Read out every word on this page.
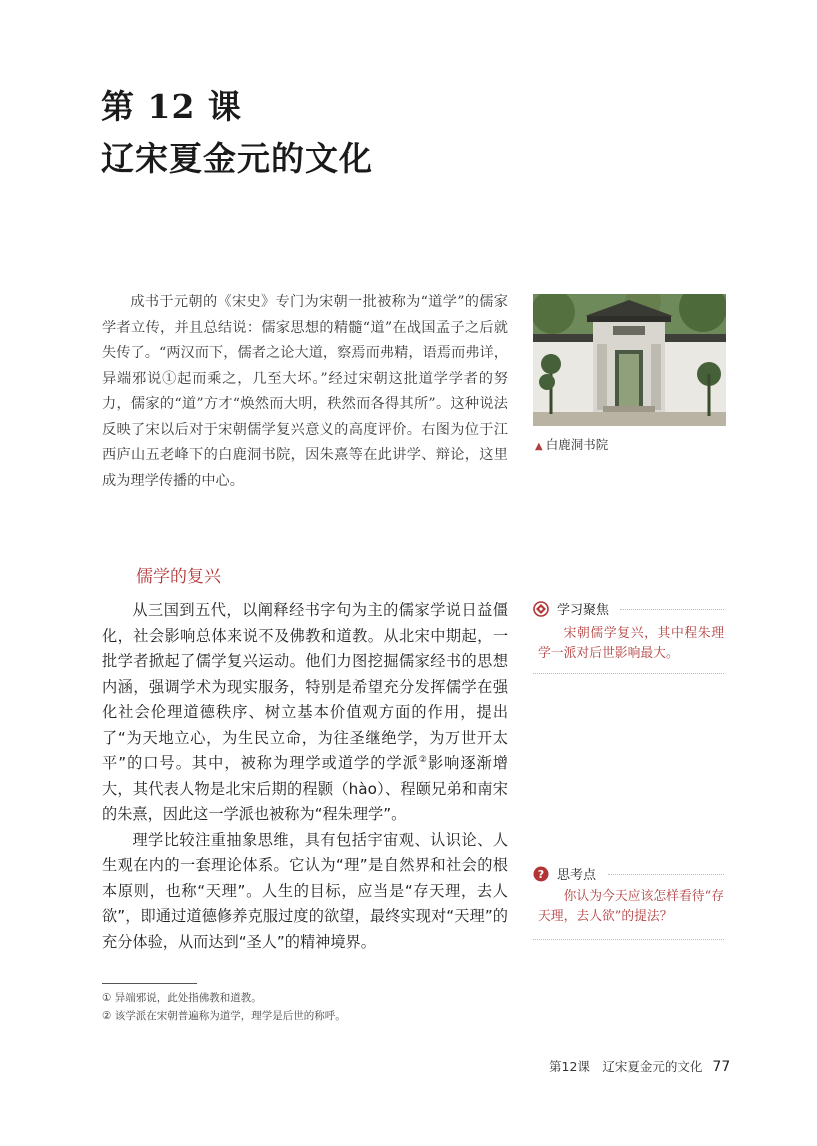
第 12 课
辽宋夏金元的文化

成书于元朝的《宋史》专门为宋朝一批被称为“道学”的儒家学者立传，并且总结说：儒家思想的精髓“道”在战国孟子之后就失传了。“两汉而下，儒者之论大道，察焉而弗精，语焉而弗详，异端邪说①起而乘之，几至大坏。”经过宋朝这批道学学者的努力，儒家的“道”方才“焕然而大明，秩然而各得其所”。这种说法反映了宋以后对于宋朝儒学复兴意义的高度评价。右图为位于江西庐山五老峰下的白鹿洞书院，因朱熹等在此讲学、辩论，这里成为理学传播的中心。

▲ 白鹿洞书院
儒学的复兴

从三国到五代，以阐释经书字句为主的儒家学说日益僵化，社会影响总体来说不及佛教和道教。从北宋中期起，一批学者掀起了儒学复兴运动。他们力图挖掘儒家经书的思想内涵，强调学术为现实服务，特别是希望充分发挥儒学在强化社会伦理道德秩序、树立基本价值观方面的作用，提出了“为天地立心，为生民立命，为往圣继绝学，为万世开太平”的口号。其中，被称为理学或道学的学派②影响逐渐增大，其代表人物是北宋后期的程颢（hào）、程颐兄弟和南宋的朱熹，因此这一学派也被称为“程朱理学”。

理学比较注重抽象思维，具有包括宇宙观、认识论、人生观在内的一套理论体系。它认为“理”是自然界和社会的根本原则，也称“天理”。人生的目标，应当是“存天理，去人欲”，即通过道德修养克服过度的欲望，最终实现对“天理”的充分体验，从而达到“圣人”的精神境界。

① 异端邪说，此处指佛教和道教。
② 该学派在宋朝普遍称为道学，理学是后世的称呼。
学习聚焦

宋朝儒学复兴，其中程朱理学一派对后世影响最大。

? 思考点

你认为今天应该怎样看待“存天理，去人欲”的提法？

第12课　辽宋夏金元的文化 77
